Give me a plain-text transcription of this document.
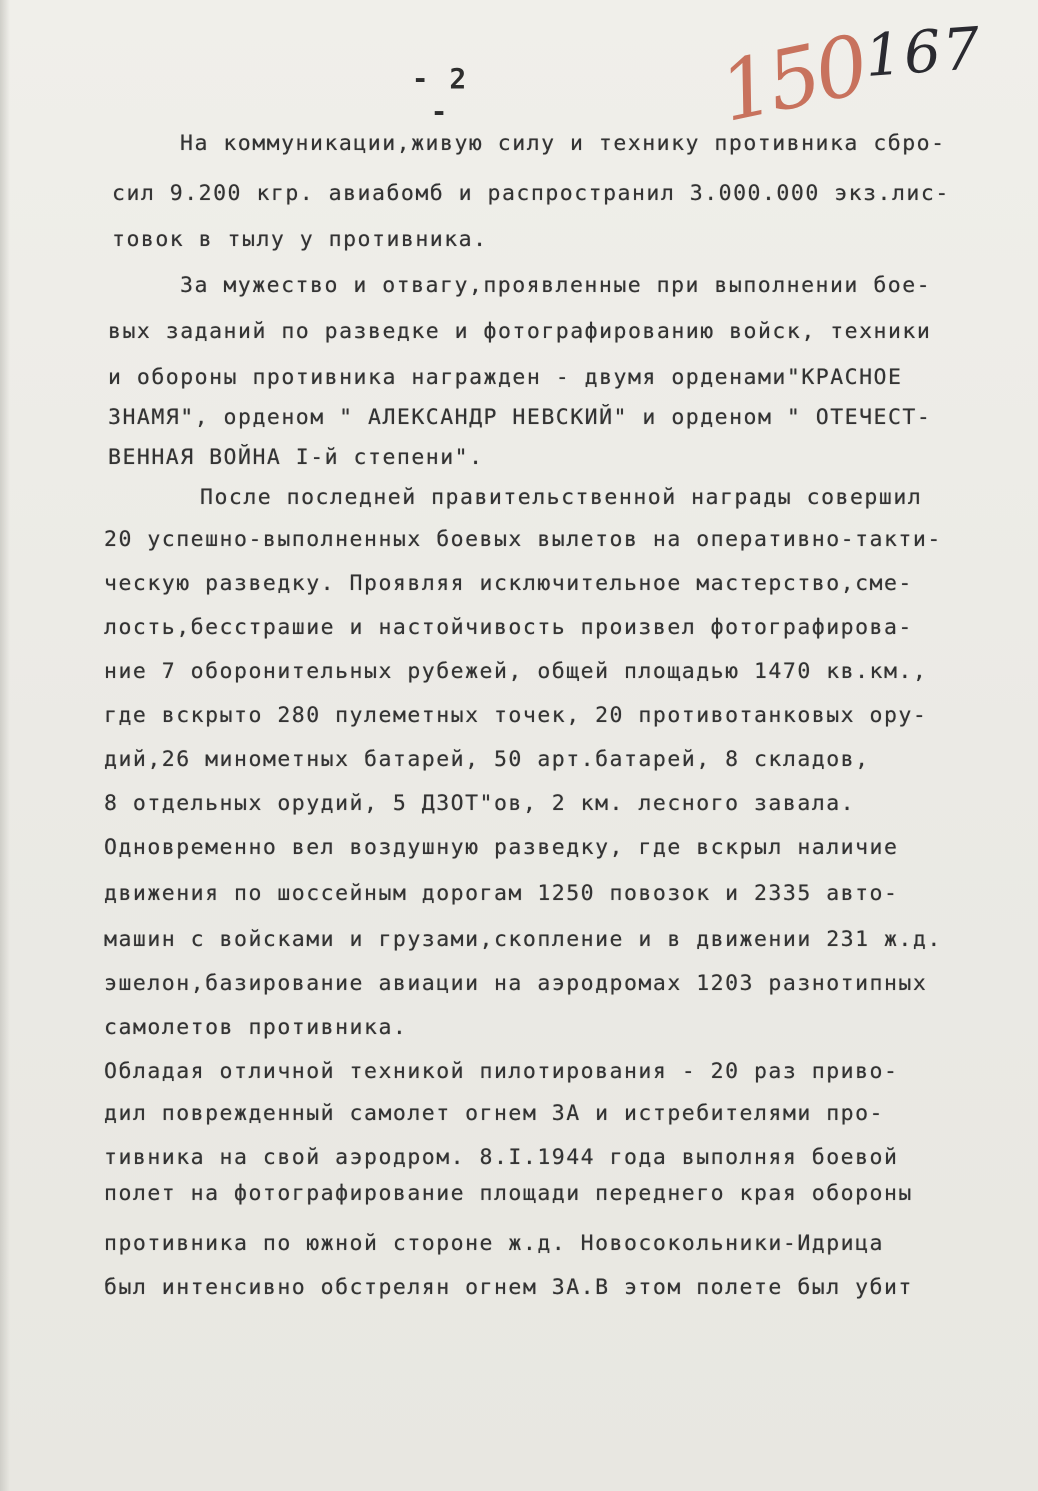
- 2 -	150
167
На коммуникации,живую силу и технику противника сбро-
сил 9.200 кгр. авиабомб и распространил 3.000.000 экз.лис-
товок в тылу у противника.
За мужество и отвагу,проявленные при выполнении бое-
вых заданий по разведке и фотографированию войск, техники
и обороны противника награжден - двумя орденами"КРАСНОЕ
ЗНАМЯ", орденом " АЛЕКСАНДР НЕВСКИЙ" и орденом " ОТЕЧЕСТ-
ВЕННАЯ ВОЙНА I-й степени".
После последней правительственной награды совершил
20 успешно-выполненных боевых вылетов на оперативно-такти-
ческую разведку. Проявляя исключительное мастерство,сме-
лость,бесстрашие и настойчивость произвел фотографирова-
ние 7 оборонительных рубежей, общей площадью 1470 кв.км.,
где вскрыто 280 пулеметных точек, 20 противотанковых ору-
дий,26 минометных батарей, 50 арт.батарей, 8 складов,
8 отдельных орудий, 5 ДЗОТ"ов, 2 км. лесного завала.
Одновременно вел воздушную разведку, где вскрыл наличие
движения по шоссейным дорогам 1250 повозок и 2335 авто-
машин с войсками и грузами,скопление и в движении 231 ж.д.
эшелон,базирование авиации на аэродромах 1203 разнотипных
самолетов противника.
Обладая отличной техникой пилотирования - 20 раз приво-
дил поврежденный самолет огнем ЗА и истребителями про-
тивника на свой аэродром. 8.I.1944 года выполняя боевой
полет на фотографирование площади переднего края обороны
противника по южной стороне ж.д. Новосокольники-Идрица
был интенсивно обстрелян огнем ЗА.В этом полете был убит
